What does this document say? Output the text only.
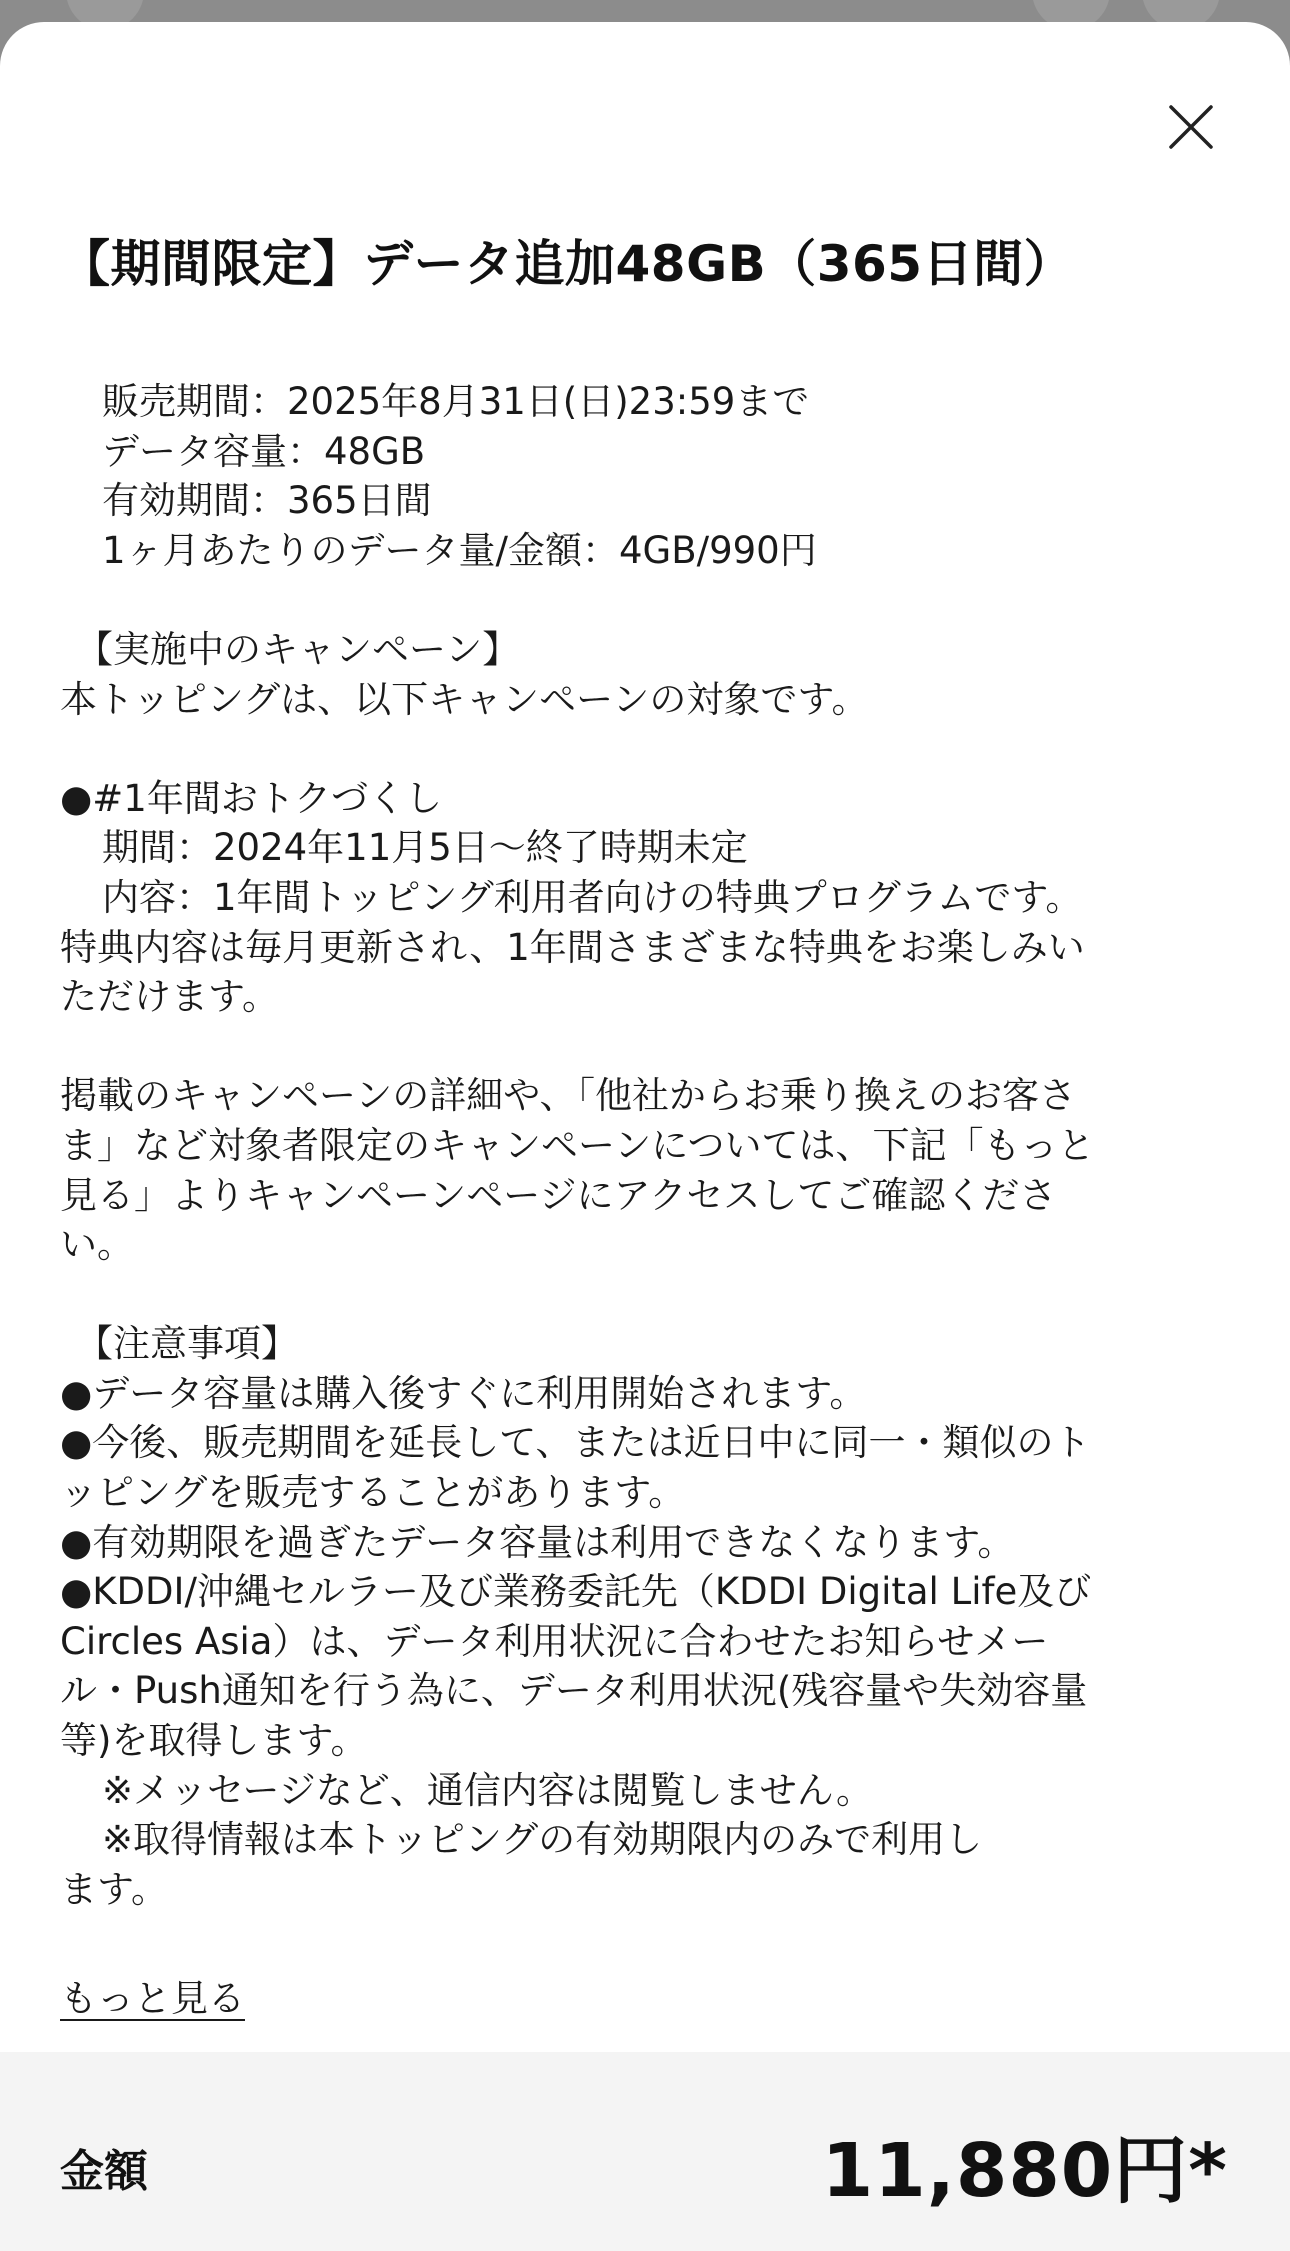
【期間限定】データ追加48GB（365日間）

販売期間：2025年8月31日(日)23:59まで

データ容量：48GB

有効期間：365日間

1ヶ月あたりのデータ量/金額：4GB/990円

【実施中のキャンペーン】

本トッピングは、以下キャンペーンの対象です。

●#1年間おトクづくし

期間：2024年11月5日〜終了時期未定

内容：1年間トッピング利用者向けの特典プログラムです。

特典内容は毎月更新され、1年間さまざまな特典をお楽しみい

ただけます。

掲載のキャンペーンの詳細や、「他社からお乗り換えのお客さ

ま」など対象者限定のキャンペーンについては、下記「もっと

見る」よりキャンペーンページにアクセスしてご確認くださ

い。

【注意事項】

●データ容量は購入後すぐに利用開始されます。

●今後、販売期間を延長して、または近日中に同一・類似のト

ッピングを販売することがあります。

●有効期限を過ぎたデータ容量は利用できなくなります。

●KDDI/沖縄セルラー及び業務委託先（KDDI Digital Life及び

Circles Asia）は、データ利用状況に合わせたお知らせメー

ル・Push通知を行う為に、データ利用状況(残容量や失効容量

等)を取得します。

※メッセージなど、通信内容は閲覧しません。

※取得情報は本トッピングの有効期限内のみで利用し

ます。

もっと見る
金額	11,880円*
